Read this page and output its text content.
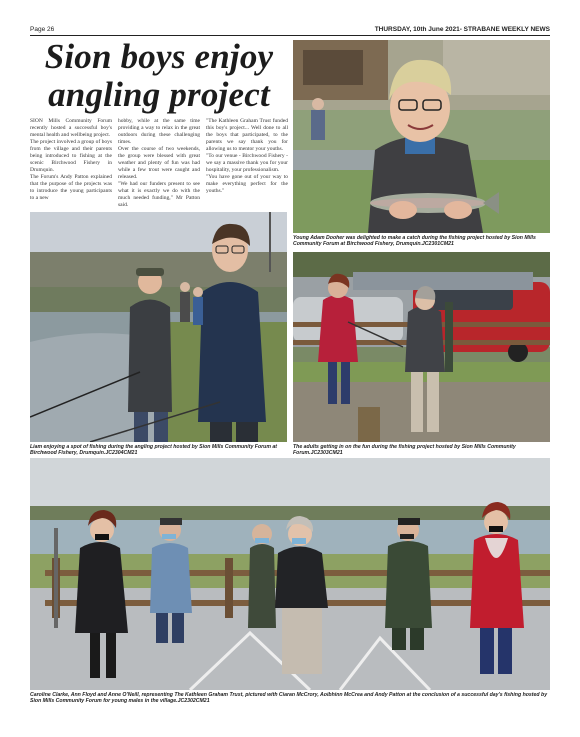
Page 26	THURSDAY, 10th June 2021- STRABANE WEEKLY NEWS
Sion boys enjoy
angling project

SION Mills Community Forum recently hosted a successful boy's mental health and wellbeing project.

The project involved a group of boys from the village and their parents being introduced to fishing at the scenic Birchwood Fishery in Drumquin.

The Forum's Andy Patton explained that the purpose of the projects was to introduce the young participants to a new

hobby, while at the same time providing a way to relax in the great outdoors during these challenging times.

Over the course of two weekends, the group were blessed with great weather and plenty of fun was had while a few trout were caught and released.

"We had our funders present to see what it is exactly we do with the much needed funding," Mr Patton said.

"The Kathleen Graham Trust funded this boy's project... Well done to all the boys that participated, to the parents we say thank you for allowing us to mentor your youths.

"To our venue - Birchwood Fishery - we say a massive thank you for your hospitality, your professionalism.

"You have gone out of your way to make everything perfect for the youths."

Young Adam Dooher was delighted to make a catch during the fishing project hosted by Sion Mills Community Forum at Birchwood Fishery, Drumquin.JC2301CM21
Liam enjoying a spot of fishing during the angling project hosted by Sion Mills Community Forum at Birchwood Fishery, Drumquin.JC2304CM21
The adults getting in on the fun during the fishing project hosted by Sion Mills Community Forum.JC2303CM21
Caroline Clarke, Ann Floyd and Anne O'Neill, representing The Kathleen Graham Trust, pictured with Ciaran McCrory, Aoibhinn McCrea and Andy Patton at the conclusion of a successful day's fishing hosted by Sion Mills Community Forum for young males in the village.JC2302CM21
